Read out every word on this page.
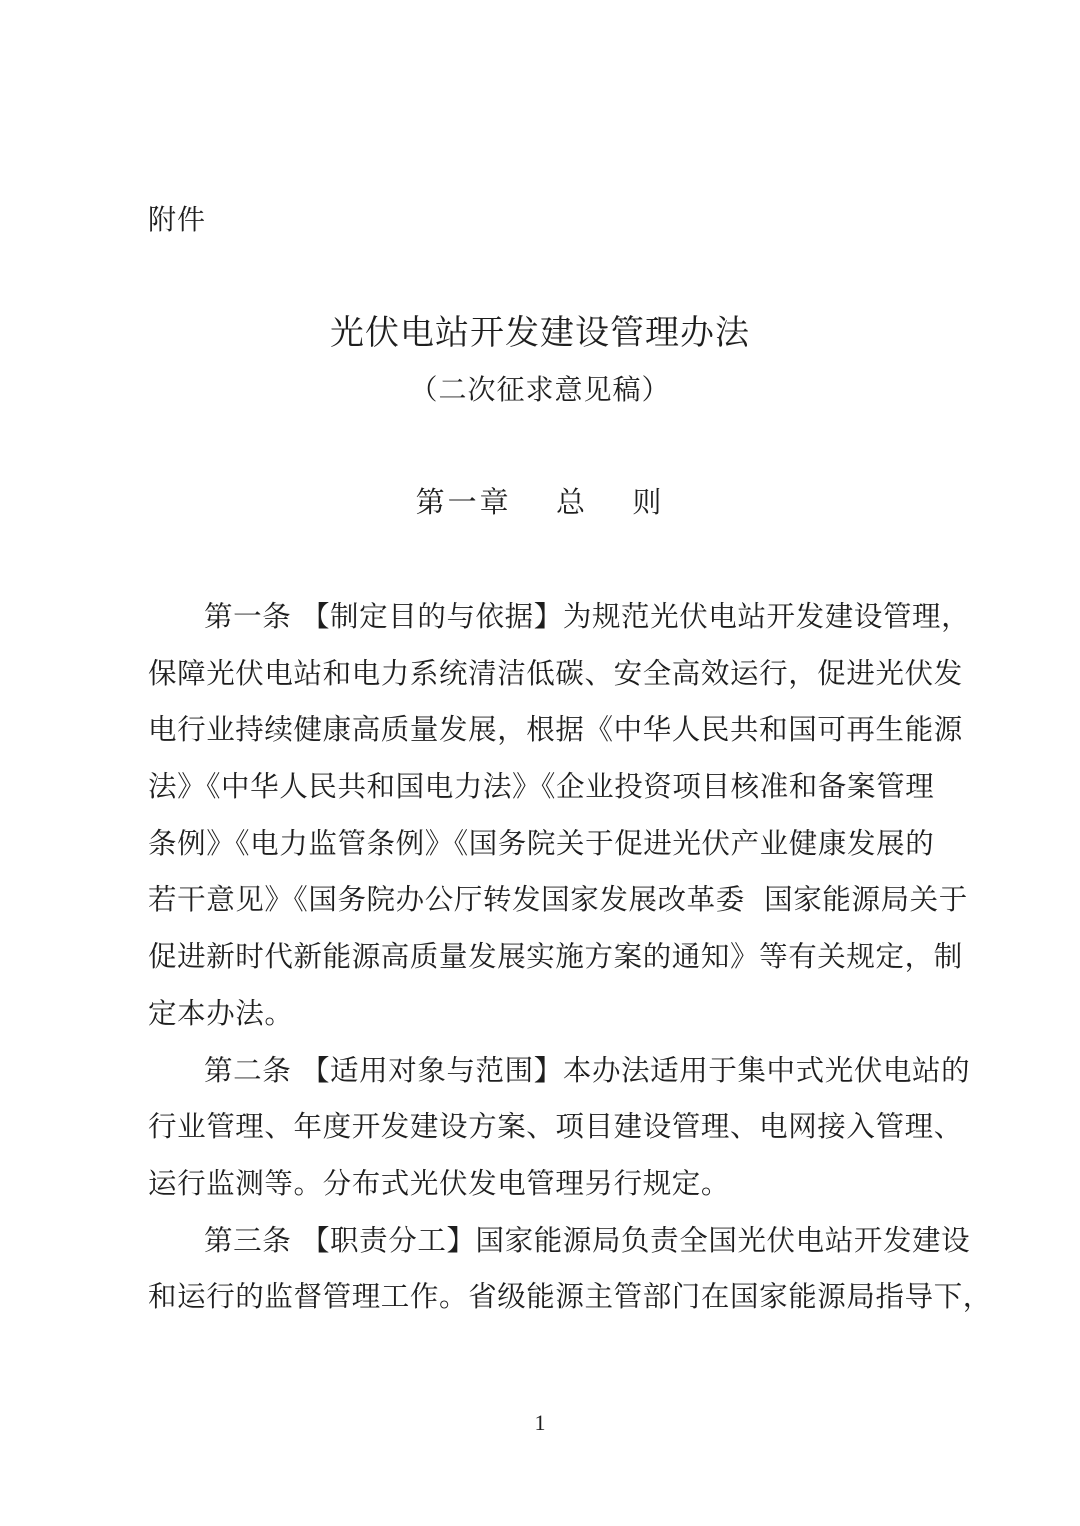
附件
光伏电站开发建设管理办法
（二次征求意见稿）
第一章  总  则
第一条 【制定目的与依据】为规范光伏电站开发建设管理，
保障光伏电站和电力系统清洁低碳、安全高效运行，促进光伏发
电行业持续健康高质量发展，根据《中华人民共和国可再生能源
法》《中华人民共和国电力法》《企业投资项目核准和备案管理
条例》《电力监管条例》《国务院关于促进光伏产业健康发展的
若干意见》《国务院办公厅转发国家发展改革委  国家能源局关于
促进新时代新能源高质量发展实施方案的通知》等有关规定，制
定本办法。
第二条 【适用对象与范围】本办法适用于集中式光伏电站的
行业管理、年度开发建设方案、项目建设管理、电网接入管理、
运行监测等。分布式光伏发电管理另行规定。
第三条 【职责分工】国家能源局负责全国光伏电站开发建设
和运行的监督管理工作。省级能源主管部门在国家能源局指导下，
1
